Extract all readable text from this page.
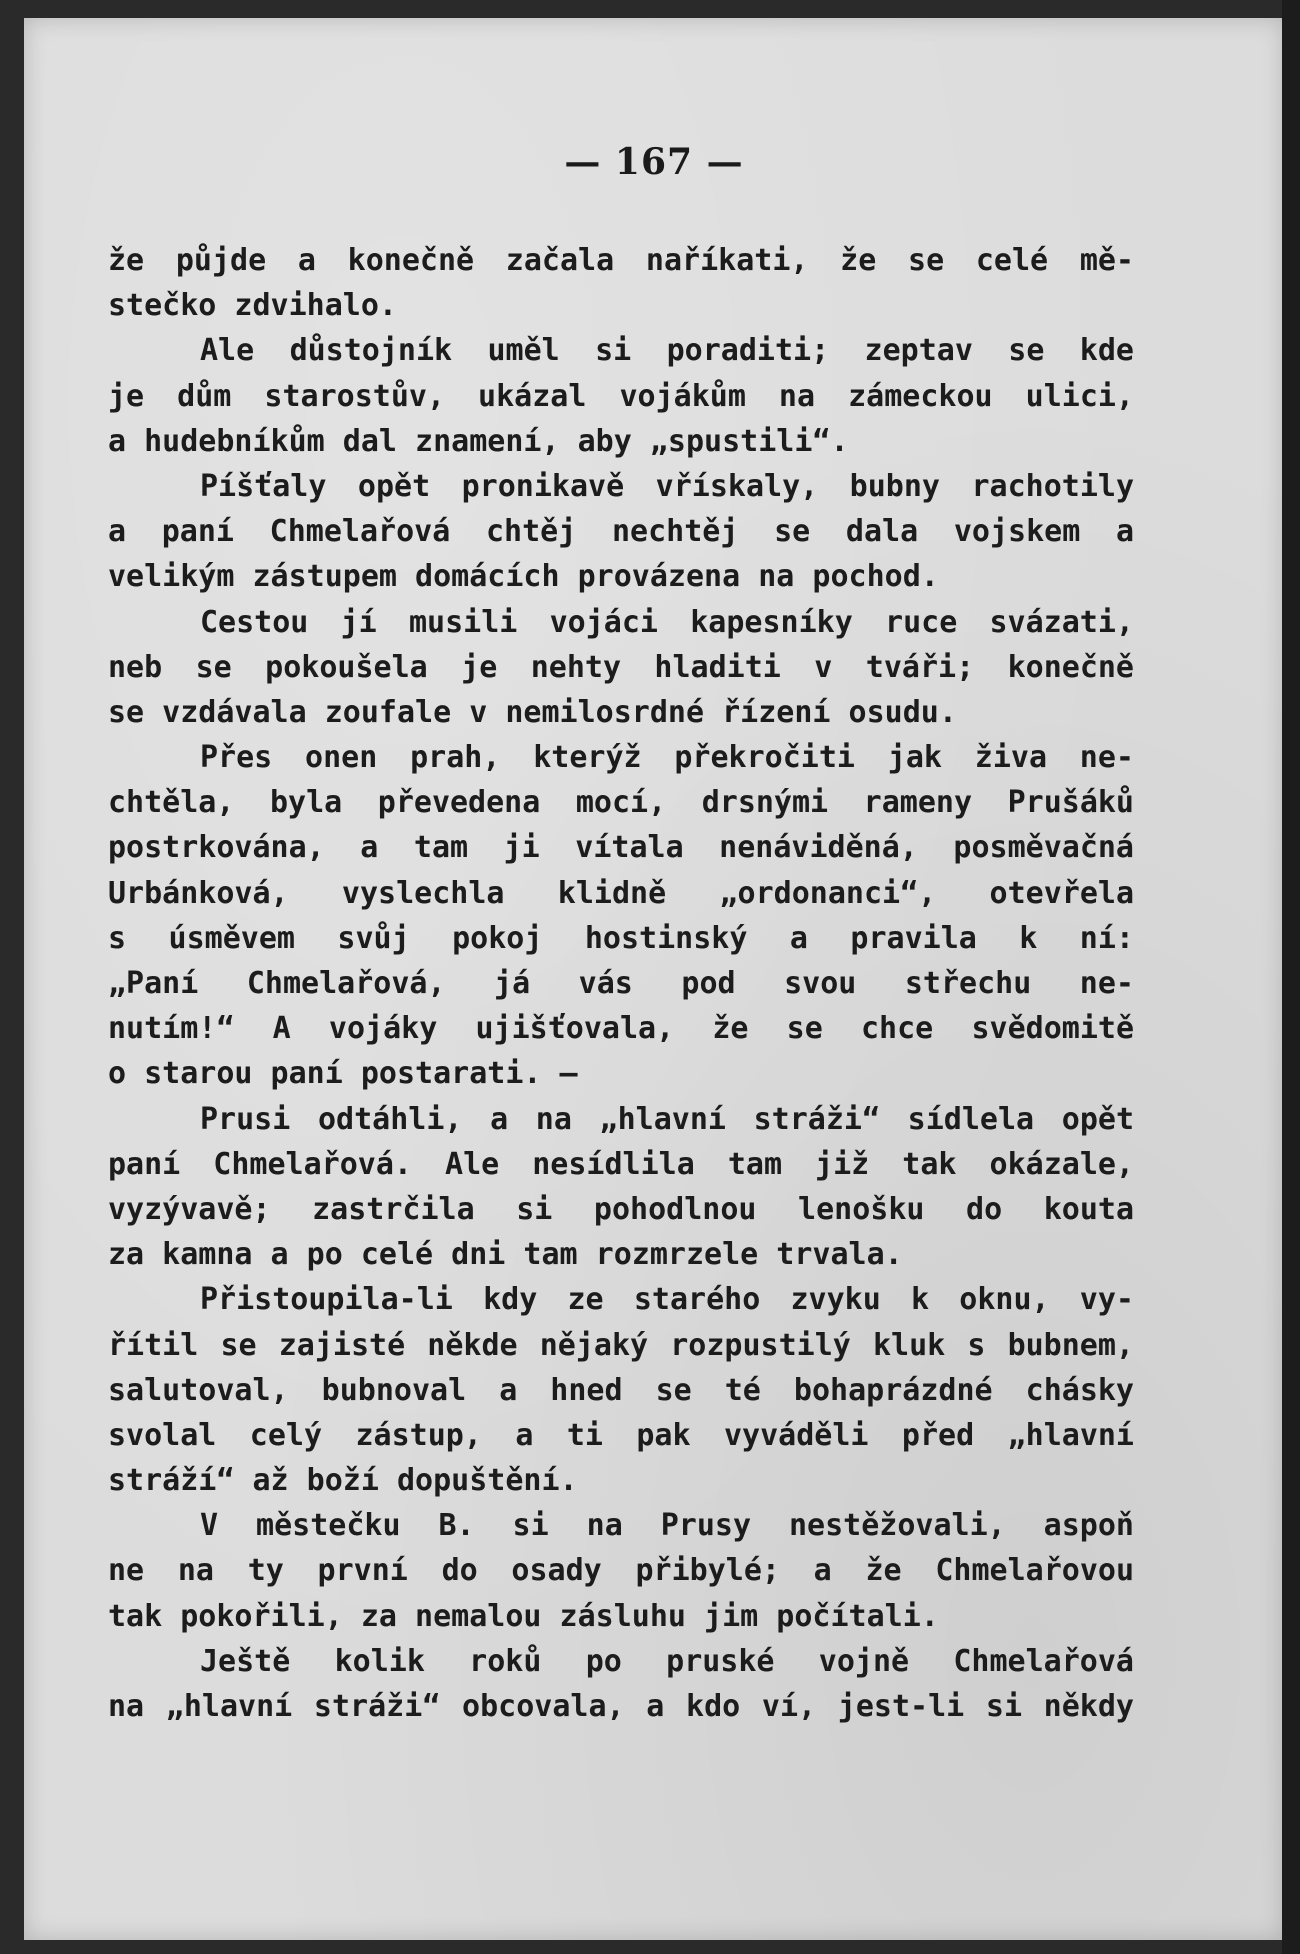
— 167 —
že půjde a konečně začala naříkati, že se celé mě-
stečko zdvihalo.
Ale důstojník uměl si poraditi; zeptav se kde
je dům starostův, ukázal vojákům na zámeckou ulici,
a hudebníkům dal znamení, aby „spustili“.
Píšťaly opět pronikavě vřískaly, bubny rachotily
a paní Chmelařová chtěj nechtěj se dala vojskem a
velikým zástupem domácích provázena na pochod.
Cestou jí musili vojáci kapesníky ruce svázati,
neb se pokoušela je nehty hladiti v tváři; konečně
se vzdávala zoufale v nemilosrdné řízení osudu.
Přes onen prah, kterýž překročiti jak živa ne-
chtěla, byla převedena mocí, drsnými rameny Prušáků
postrkována, a tam ji vítala nenáviděná, posměvačná
Urbánková, vyslechla klidně „ordonanci“, otevřela
s úsměvem svůj pokoj hostinský a pravila k ní:
„Paní Chmelařová, já vás pod svou střechu ne-
nutím!“ A vojáky ujišťovala, že se chce svědomitě
o starou paní postarati. —
Prusi odtáhli, a na „hlavní stráži“ sídlela opět
paní Chmelařová. Ale nesídlila tam již tak okázale,
vyzývavě; zastrčila si pohodlnou lenošku do kouta
za kamna a po celé dni tam rozmrzele trvala.
Přistoupila-li kdy ze starého zvyku k oknu, vy-
řítil se zajisté někde nějaký rozpustilý kluk s bubnem,
salutoval, bubnoval a hned se té bohaprázdné chásky
svolal celý zástup, a ti pak vyváděli před „hlavní
stráží“ až boží dopuštění.
V městečku B. si na Prusy nestěžovali, aspoň
ne na ty první do osady přibylé; a že Chmelařovou
tak pokořili, za nemalou zásluhu jim počítali.
Ještě kolik roků po pruské vojně Chmelařová
na „hlavní stráži“ obcovala, a kdo ví, jest-li si někdy
